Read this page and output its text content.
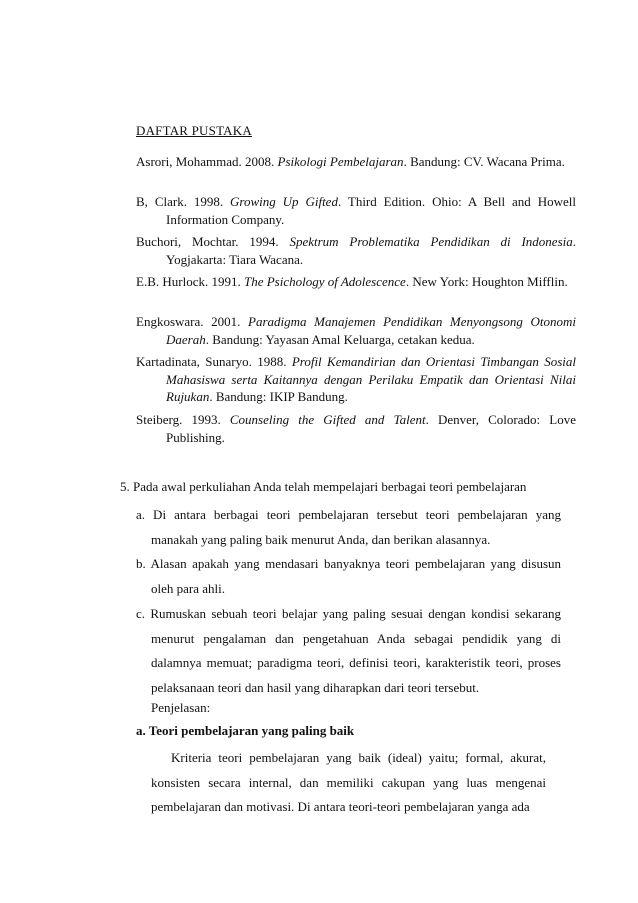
DAFTAR PUSTAKA
Asrori, Mohammad. 2008. Psikologi Pembelajaran. Bandung: CV. Wacana Prima.
B, Clark. 1998. Growing Up Gifted. Third Edition. Ohio: A Bell and Howell Information Company.
Buchori, Mochtar. 1994. Spektrum Problematika Pendidikan di Indonesia. Yogjakarta: Tiara Wacana.
E.B. Hurlock. 1991. The Psichology of Adolescence. New York: Houghton Mifflin.
Engkoswara. 2001. Paradigma Manajemen Pendidikan Menyongsong Otonomi Daerah. Bandung: Yayasan Amal Keluarga, cetakan kedua.
Kartadinata, Sunaryo. 1988. Profil Kemandirian dan Orientasi Timbangan Sosial Mahasiswa serta Kaitannya dengan Perilaku Empatik dan Orientasi Nilai Rujukan. Bandung: IKIP Bandung.
Steiberg. 1993. Counseling the Gifted and Talent. Denver, Colorado: Love Publishing.
5. Pada awal perkuliahan Anda telah mempelajari berbagai teori pembelajaran
a. Di antara berbagai teori pembelajaran tersebut teori pembelajaran yang manakah yang paling baik menurut Anda, dan berikan alasannya.
b. Alasan apakah yang mendasari banyaknya teori pembelajaran yang disusun oleh para ahli.
c. Rumuskan sebuah teori belajar yang paling sesuai dengan kondisi sekarang menurut pengalaman dan pengetahuan Anda sebagai pendidik yang di dalamnya memuat; paradigma teori, definisi teori, karakteristik teori, proses pelaksanaan teori dan hasil yang diharapkan dari teori tersebut.
Penjelasan:
a. Teori pembelajaran yang paling baik
Kriteria teori pembelajaran yang baik (ideal) yaitu; formal, akurat, konsisten secara internal, dan memiliki cakupan yang luas mengenai pembelajaran dan motivasi. Di antara teori-teori pembelajaran yanga ada
